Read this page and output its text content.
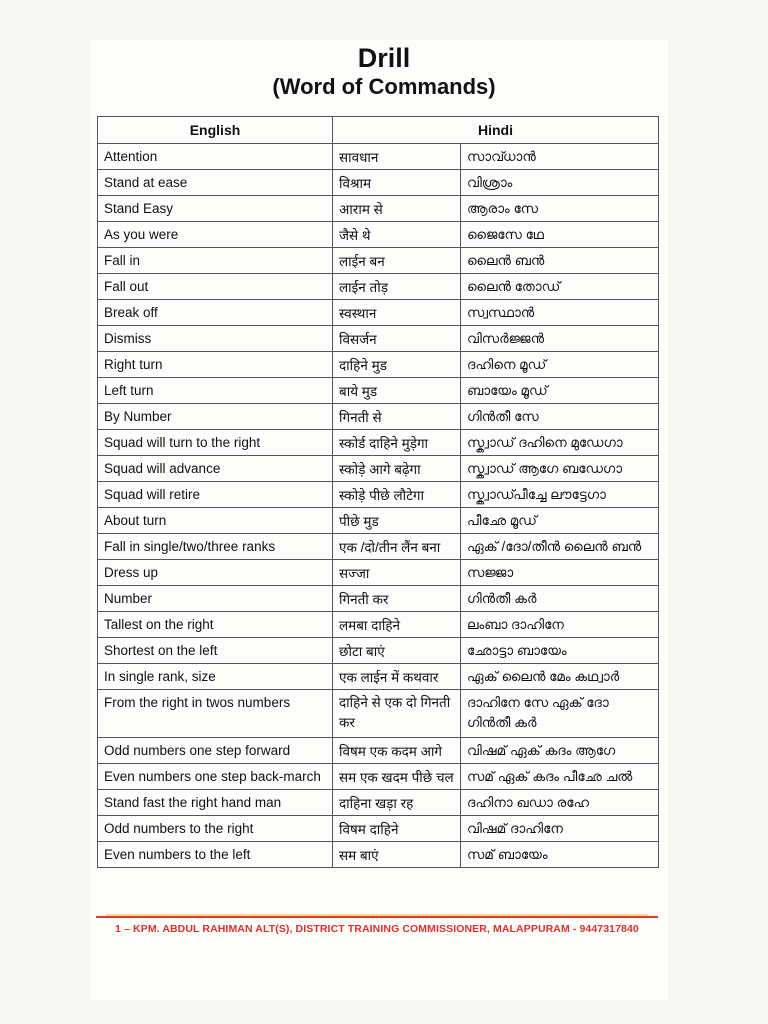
Drill
(Word of Commands)
English	Hindi	
Attention	सावधान	സാവ്ധാൻ
Stand at ease	विश्राम	വിശ്രാം
Stand Easy	आराम से	ആരാം സേ
As you were	जैसे थे	ജൈസേ ഥേ
Fall in	लाईन बन	ലൈൻ ബൻ
Fall out	लाईन तोड़	ലൈൻ തോഡ്
Break off	स्वस्थान	സ്വസ്ഥാൻ
Dismiss	विसर्जन	വിസർജ്ജൻ
Right turn	दाहिने मुड	ദഹിനെ മൂഡ്
Left turn	बाये मुड	ബായേം മൂഡ്
By Number	गिनती से	ഗിൻതീ സേ
Squad will turn to the right	स्कोर्ड दाहिने मुड़ेगा	സ്ക്വാഡ് ദഹിനെ മുഡേഗാ
Squad will advance	स्कोड़े आगे बढ़ेगा	സ്ക്വാഡ് ആഗേ ബഡേഗാ
Squad will retire	स्कोड़े पीछे लौटेगा	സ്ക്വാഡ്പീച്ചേ ലൗട്ടേഗാ
About turn	पीछे मुड	പീഛേ മൂഡ്
Fall in single/two/three ranks	एक /दो/तीन लैंन बना	ഏക് /ദോ/തീൻ ലൈൻ ബൻ
Dress up	सज्जा	സജ്ജാ
Number	गिनती कर	ഗിൻതീ കർ
Tallest on the right	लमबा दाहिने	ലംബാ ദാഹിനേ
Shortest on the left	छोटा बाएं	ഛോട്ടാ ബായേം
In single rank, size	एक लाईन में कथवार	ഏക് ലൈൻ മേം കഥ്വാർ
From the right in twos numbers	दाहिने से एक दो गिनती कर	ദാഹിനേ സേ ഏക് ദോ ഗിൻതീ കർ
Odd numbers one step forward	विषम एक कदम आगे	വിഷമ് ഏക് കദം ആഗേ
Even numbers one step back-march	सम एक खदम पीछे चल	സമ് ഏക് കദം പീഛേ ചൽ
Stand fast the right hand man	दाहिना खड़ा रह	ദഹിനാ ഖഡാ രഹേ
Odd numbers to the right	विषम दाहिने	വിഷമ് ദാഹിനേ
Even numbers to the left	सम बाएं	സമ് ബായേം
1 – KPM. ABDUL RAHIMAN ALT(S), DISTRICT TRAINING COMMISSIONER, MALAPPURAM - 9447317840
